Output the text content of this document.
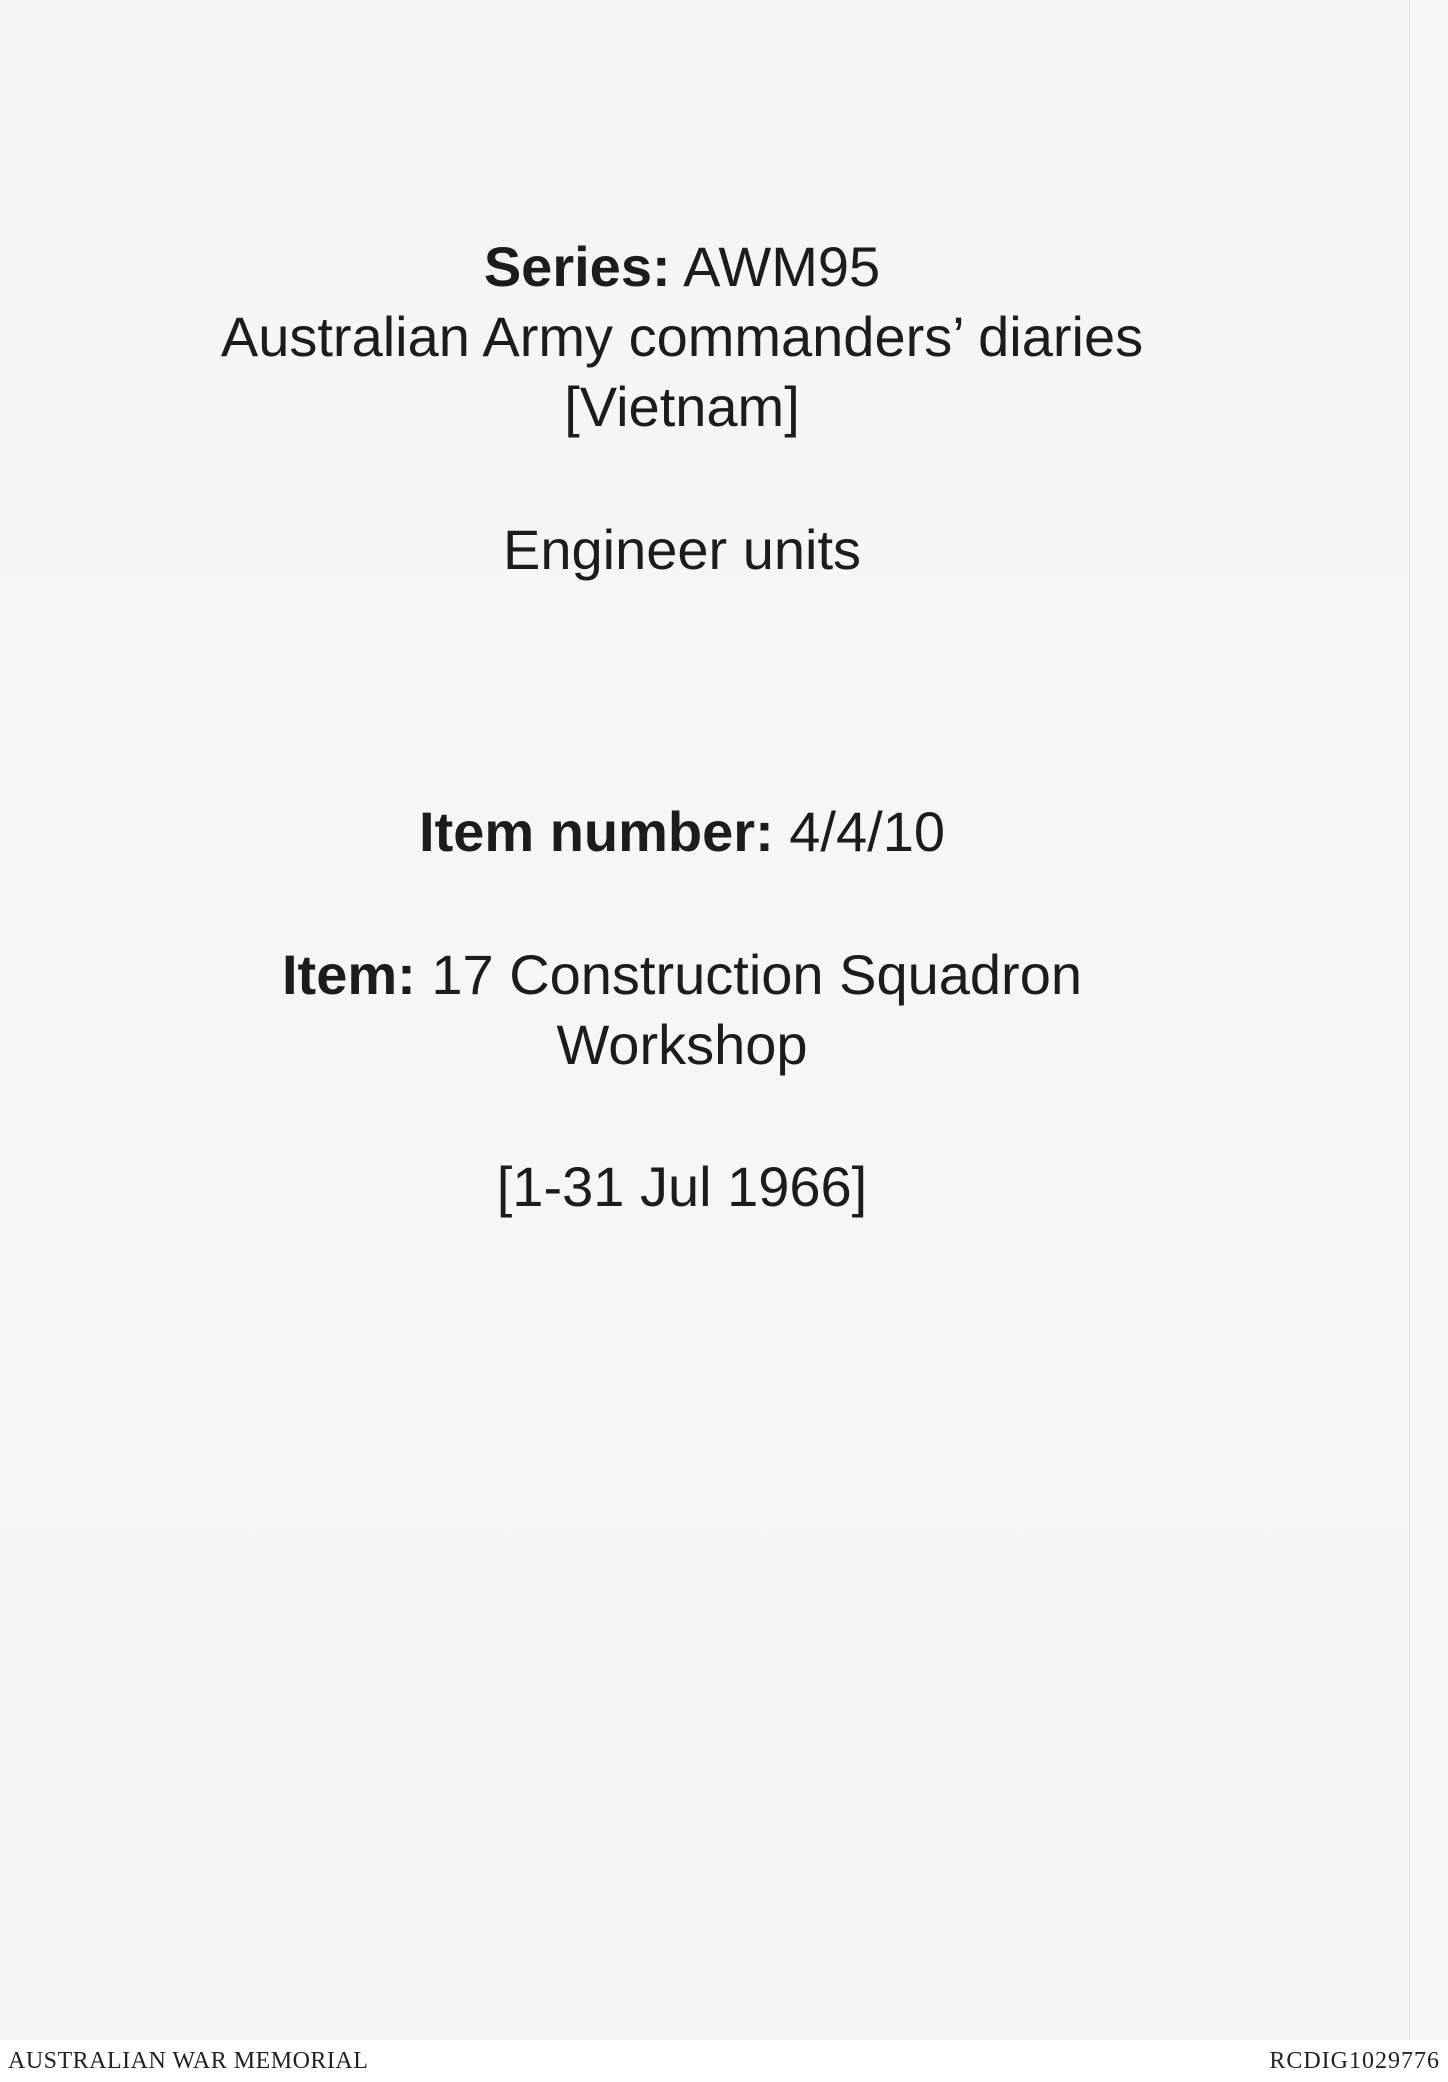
Series: AWM95
Australian Army commanders’ diaries
[Vietnam]
Engineer units
Item number: 4/4/10
Item: 17 Construction Squadron
Workshop
[1-31 Jul 1966]
AUSTRALIAN WAR MEMORIAL	RCDIG1029776
